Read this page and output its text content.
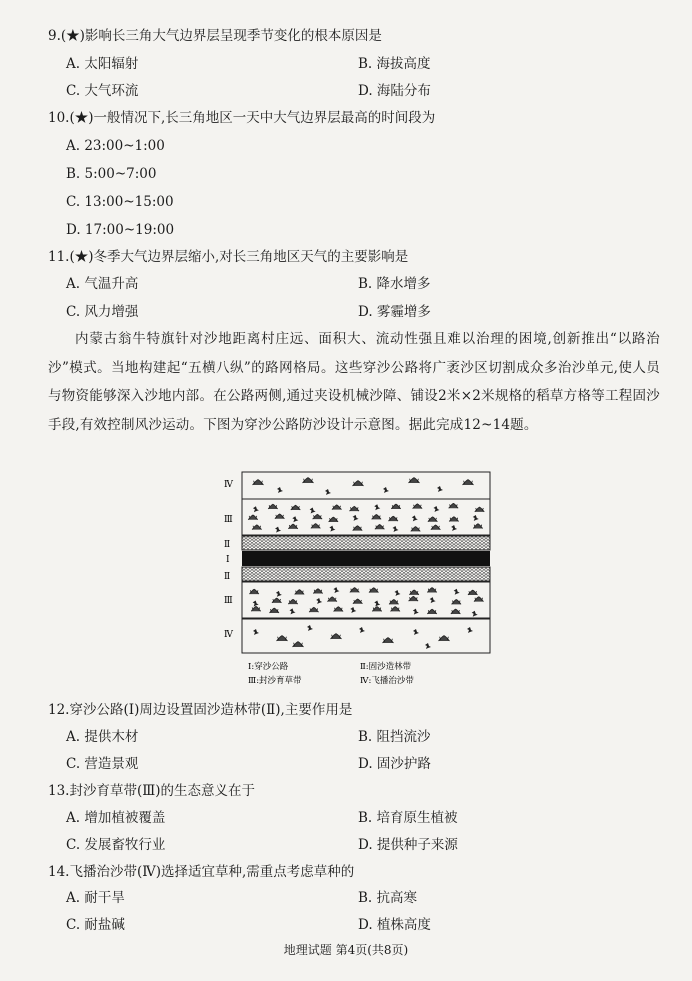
9.(★)影响长三角大气边界层呈现季节变化的根本原因是
A. 太阳辐射	B. 海拔高度
C. 大气环流	D. 海陆分布
10.(★)一般情况下,长三角地区一天中大气边界层最高的时间段为
A. 23:00~1:00
B. 5:00~7:00
C. 13:00~15:00
D. 17:00~19:00
11.(★)冬季大气边界层缩小,对长三角地区天气的主要影响是
A. 气温升高	B. 降水增多
C. 风力增强	D. 雾霾增多
内蒙古翁牛特旗针对沙地距离村庄远、面积大、流动性强且难以治理的困境,创新推出“以路治沙”模式。当地构建起“五横八纵”的路网格局。这些穿沙公路将广袤沙区切割成众多治沙单元,使人员与物资能够深入沙地内部。在公路两侧,通过夹设机械沙障、铺设2米×2米规格的稻草方格等工程固沙手段,有效控制风沙运动。下图为穿沙公路防沙设计示意图。据此完成12~14题。
Ⅳ
Ⅲ
Ⅱ
Ⅰ
Ⅱ
Ⅲ
Ⅳ
Ⅰ:穿沙公路	Ⅱ:固沙造林带
Ⅲ:封沙育草带	Ⅳ:飞播治沙带
12.穿沙公路(Ⅰ)周边设置固沙造林带(Ⅱ),主要作用是
A. 提供木材	B. 阻挡流沙
C. 营造景观	D. 固沙护路
13.封沙育草带(Ⅲ)的生态意义在于
A. 增加植被覆盖	B. 培育原生植被
C. 发展畜牧行业	D. 提供种子来源
14.飞播治沙带(Ⅳ)选择适宜草种,需重点考虑草种的
A. 耐干旱	B. 抗高寒
C. 耐盐碱	D. 植株高度
地理试题 第4页(共8页)
